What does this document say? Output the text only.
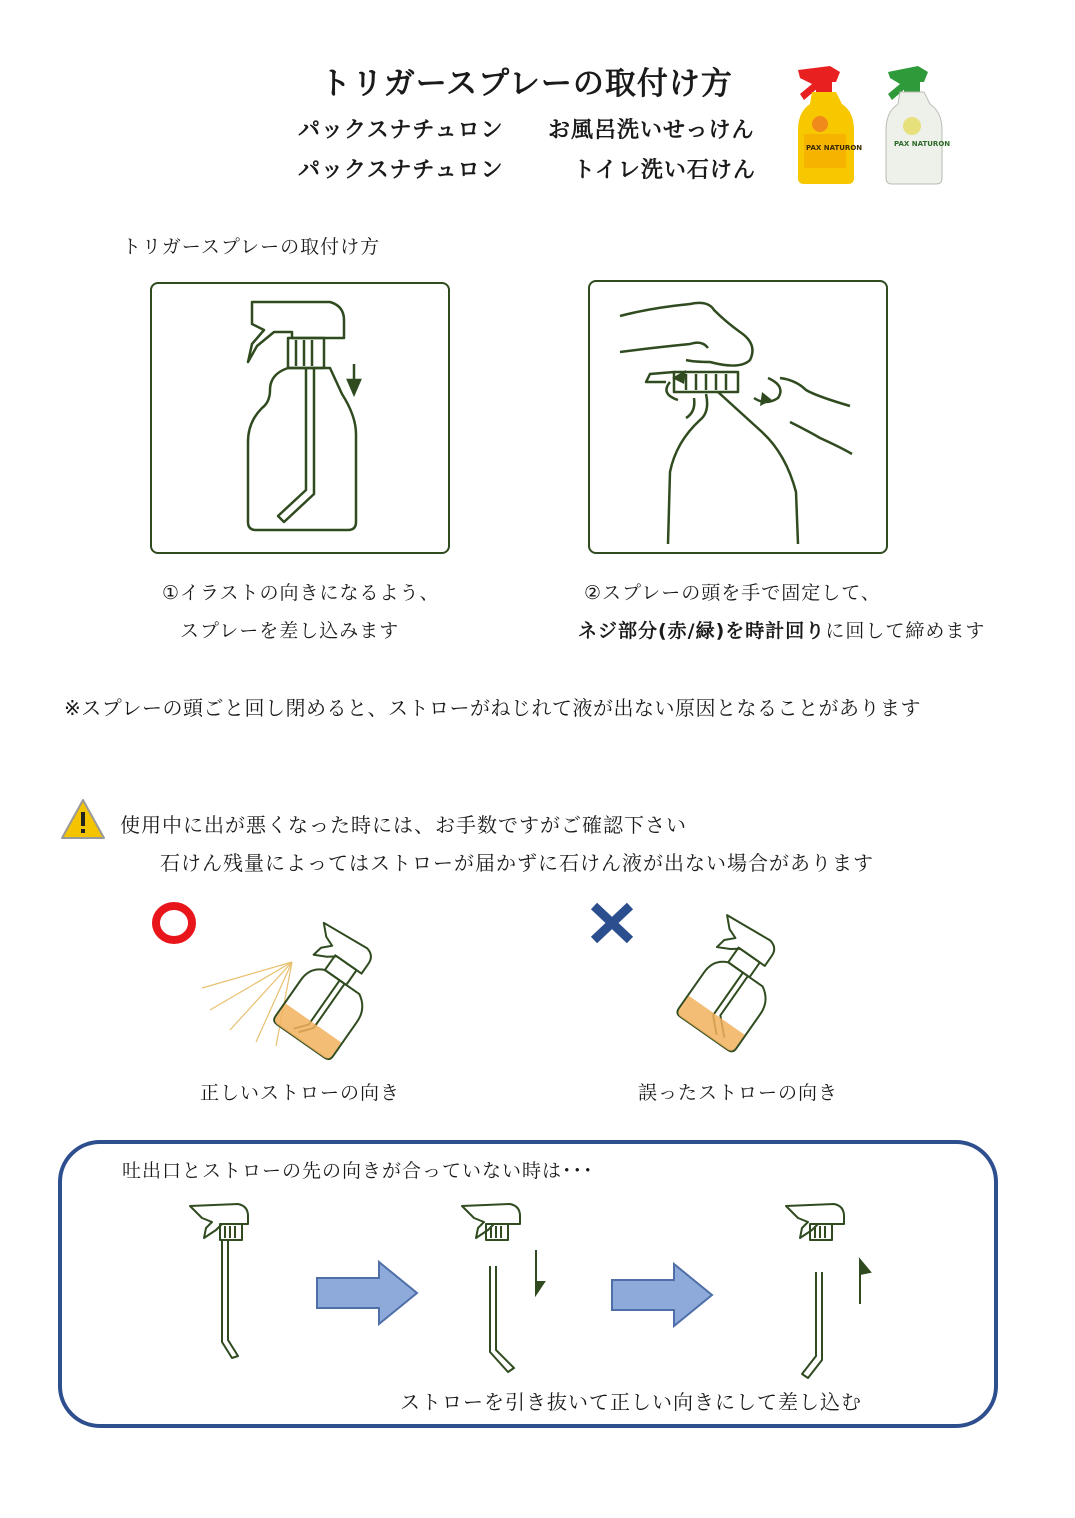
トリガースプレーの取付け方
パックスナチュロン お風呂洗いせっけん
パックスナチュロン	トイレ洗い石けん
PAX NATURON	PAX NATURON
トリガースプレーの取付け方
①イラストの向きになるよう、
スプレーを差し込みます
②スプレーの頭を手で固定して、
ネジ部分(赤/緑)を時計回りに回して締めます
※スプレーの頭ごと回し閉めると、ストローがねじれて液が出ない原因となることがあります
使用中に出が悪くなった時には、お手数ですがご確認下さい
石けん残量によってはストローが届かずに石けん液が出ない場合があります
正しいストローの向き	誤ったストローの向き
吐出口とストローの先の向きが合っていない時は･･･
ストローを引き抜いて正しい向きにして差し込む
